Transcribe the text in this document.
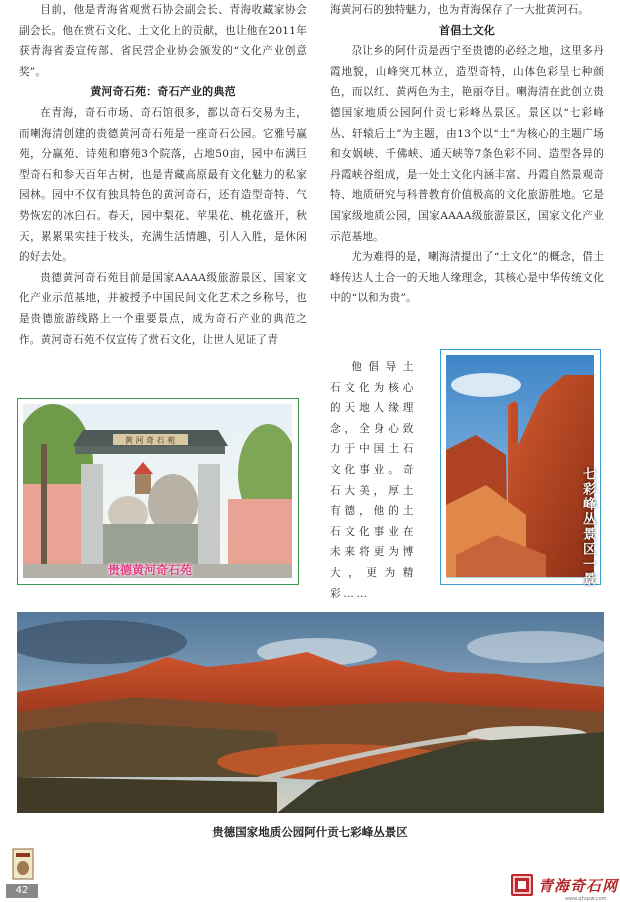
目前，他是青海省观赏石协会副会长、青海收藏家协会副会长。他在赏石文化、土文化上的贡献，也让他在2011年获青海省委宣传部、省民营企业协会颁发的“文化产业创意奖”。

黄河奇石苑：奇石产业的典范

在青海，奇石市场、奇石馆很多，都以奇石交易为主，而喇海清创建的贵德黄河奇石苑是一座奇石公园。它雅号赢苑，分赢苑、诗苑和磨苑3个院落，占地50亩，园中布满巨型奇石和参天百年古树，也是青藏高原最有文化魅力的私家园林。园中不仅有独具特色的黄河奇石，还有造型奇特、气势恢宏的冰臼石。春天，园中梨花、苹果花、桃花盛开，秋天，累累果实挂于枝头，充满生活情趣，引人入胜，是休闲的好去处。

贵德黄河奇石苑目前是国家AAAA级旅游景区、国家文化产业示范基地，并被授予中国民间文化艺术之乡称号，也是贵德旅游线路上一个重要景点，成为奇石产业的典范之作。黄河奇石苑不仅宣传了赏石文化，让世人见证了青

海黄河石的独特魅力，也为青海保存了一大批黄河石。

首倡土文化

尕让乡的阿什贡是西宁至贵德的必经之地，这里多丹霞地貌，山峰突兀林立，造型奇特，山体色彩呈七种颜色，而以红、黄两色为主，艳丽夺目。喇海清在此创立贵德国家地质公园阿什贡七彩峰丛景区。景区以“七彩峰丛、轩辕后土”为主题，由13个以“土”为核心的主题广场和女娲峡、千佛峡、通天峡等7条色彩不同、造型各异的丹霞峡谷组成，是一处土文化内涵丰富、丹霞自然景观奇特、地质研究与科普教育价值极高的文化旅游胜地。它是国家级地质公园，国家AAAA级旅游景区，国家文化产业示范基地。

尤为难得的是，喇海清提出了“土文化”的概念，借土峰传达人土合一的天地人缘理念，其核心是中华传统文化中的“以和为贵”。

他倡导土石文化为核心的天地人缘理念，全身心致力于中国土石文化事业。奇石大美，厚土有德，他的土石文化事业在未来将更为博大，更为精彩……

黄 河 奇 石 苑
贵德黄河奇石苑	七彩峰丛景区一景
贵德国家地质公园阿什贡七彩峰丛景区
42	青海奇石网
www.qhqsw.com
